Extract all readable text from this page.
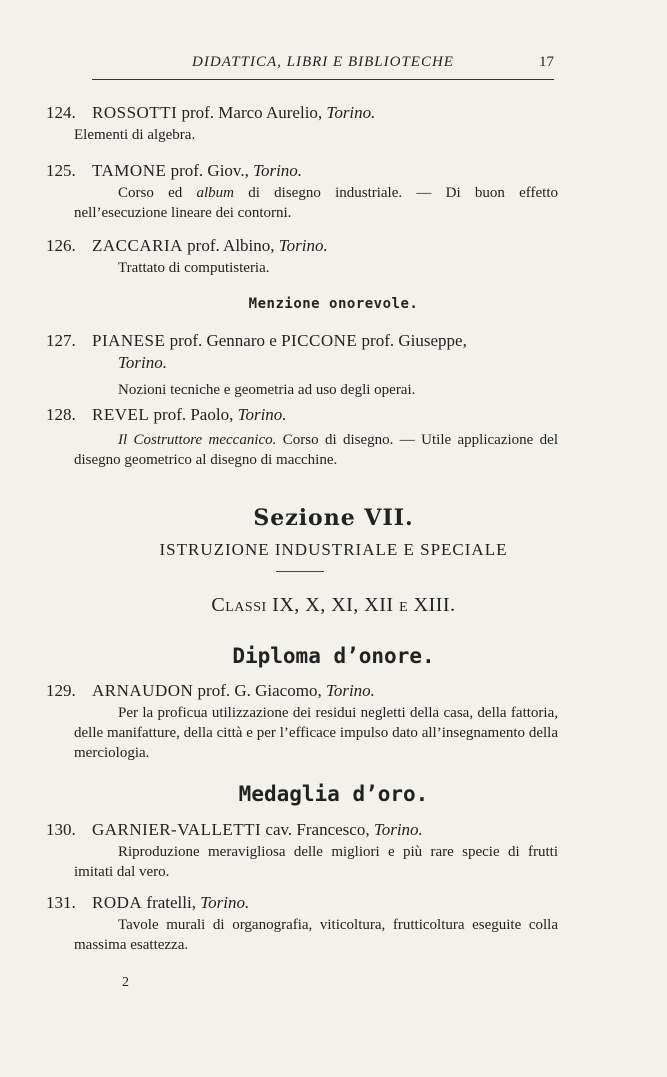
DIDATTICA, LIBRI E BIBLIOTECHE	17
124. ROSSOTTI prof. Marco Aurelio, Torino.
Elementi di algebra.
125. TAMONE prof. Giov., Torino.
Corso ed album di disegno industriale. — Di buon effetto nell’esecuzione lineare dei contorni.
126. ZACCARIA prof. Albino, Torino.
Trattato di computisteria.
Menzione onorevole.
127. PIANESE prof. Gennaro e PICCONE prof. Giuseppe,
Torino.
Nozioni tecniche e geometria ad uso degli operai.
128. REVEL prof. Paolo, Torino.
Il Costruttore meccanico. Corso di disegno. — Utile applicazione del disegno geometrico al disegno di macchine.
Sezione VII.
ISTRUZIONE INDUSTRIALE E SPECIALE
Classi IX, X, XI, XII e XIII.
Diploma d’onore.
129. ARNAUDON prof. G. Giacomo, Torino.
Per la proficua utilizzazione dei residui negletti della casa, della fattoria, delle manifatture, della città e per l’efficace impulso dato all’insegnamento della merciologia.
Medaglia d’oro.
130. GARNIER-VALLETTI cav. Francesco, Torino.
Riproduzione meravigliosa delle migliori e più rare specie di frutti imitati dal vero.
131. RODA fratelli, Torino.
Tavole murali di organografia, viticoltura, frutticoltura eseguite colla massima esattezza.
2
